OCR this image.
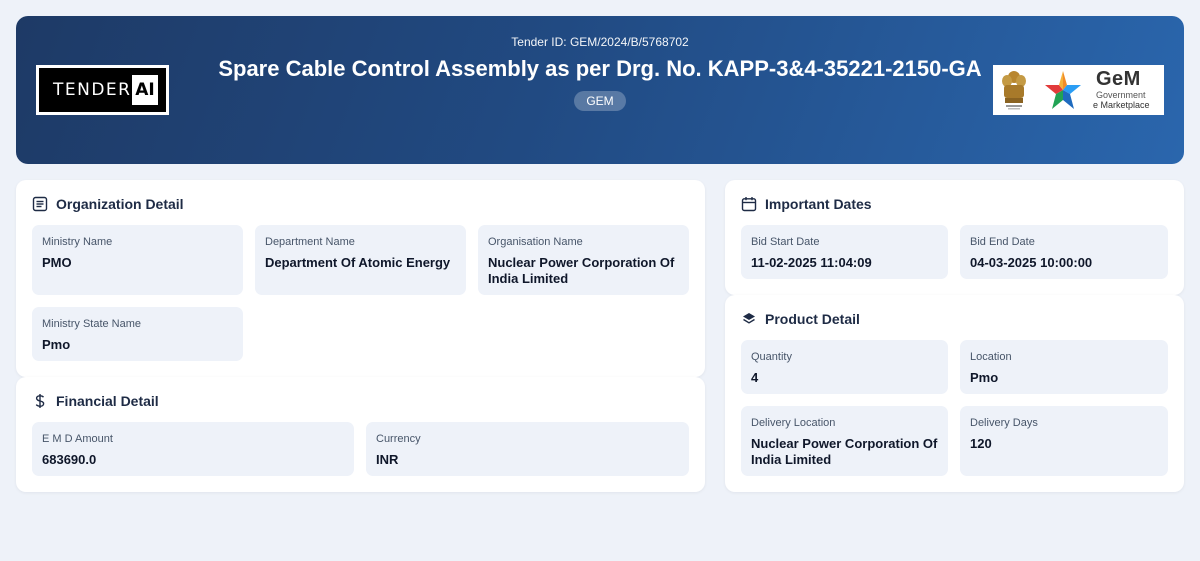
TENDER AI
Tender ID: GEM/2024/B/5768702
Spare Cable Control Assembly as per Drg. No. KAPP-3&4-35221-2150-GA
GEM
GeM
Government
e Marketplace
Organization Detail
Ministry Name
PMO
Department Name
Department Of Atomic Energy
Organisation Name
Nuclear Power Corporation Of India Limited
Ministry State Name
Pmo
Financial Detail
E M D Amount
683690.0
Currency
INR
Important Dates
Bid Start Date
11-02-2025 11:04:09
Bid End Date
04-03-2025 10:00:00
Product Detail
Quantity
4
Location
Pmo
Delivery Location
Nuclear Power Corporation Of India Limited
Delivery Days
120
